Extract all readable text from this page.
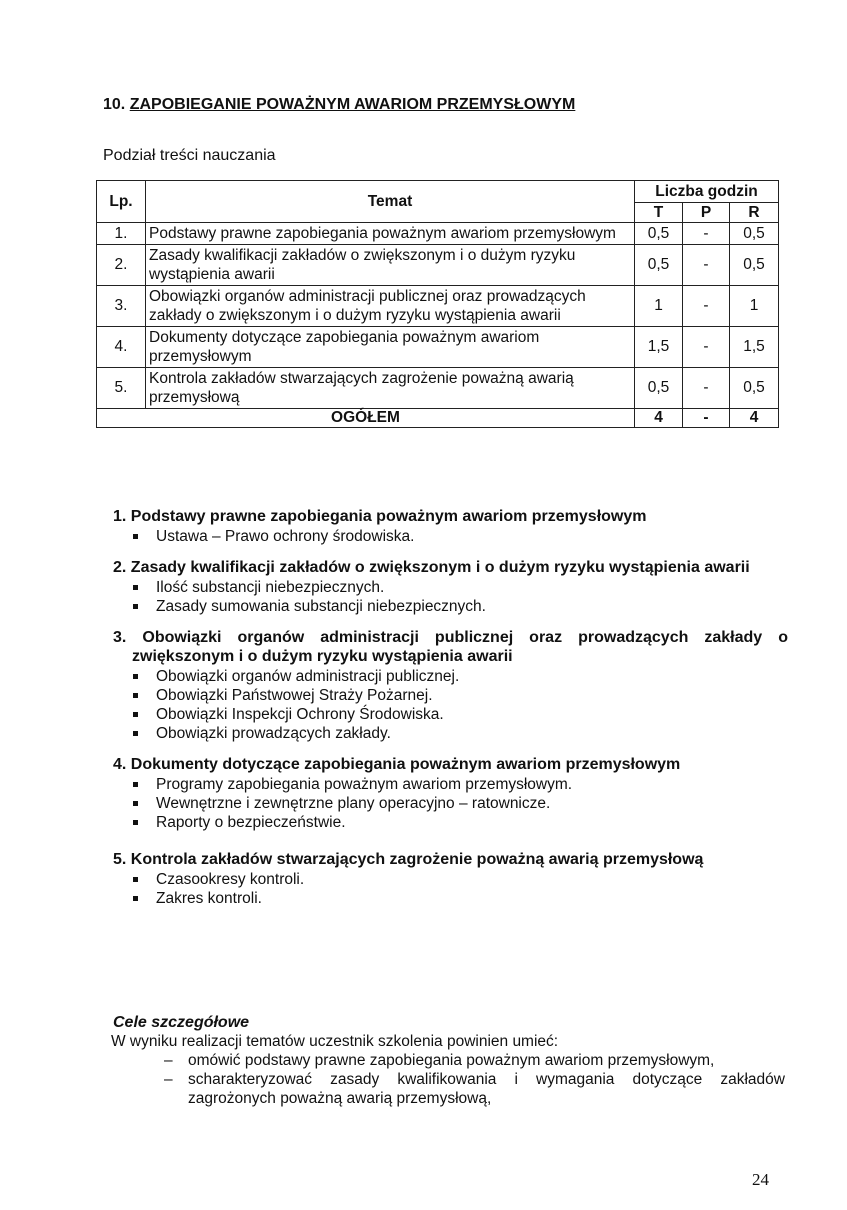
10. ZAPOBIEGANIE POWAŻNYM AWARIOM PRZEMYSŁOWYM
Podział treści nauczania
Lp.	Temat	Liczba godzin		
		T	P	R
1.	Podstawy prawne zapobiegania poważnym awariom przemysłowym	0,5	-	0,5
2.	Zasady kwalifikacji zakładów o zwiększonym i o dużym ryzyku wystąpienia awarii	0,5	-	0,5
3.	Obowiązki organów administracji publicznej oraz prowadzących zakłady o zwiększonym i o dużym ryzyku wystąpienia awarii	1	-	1
4.	Dokumenty dotyczące zapobiegania poważnym awariom przemysłowym	1,5	-	1,5
5.	Kontrola zakładów stwarzających zagrożenie poważną awarią przemysłową	0,5	-	0,5
OGÓŁEM		4	-	4
1. Podstawy prawne zapobiegania poważnym awariom przemysłowym
Ustawa – Prawo ochrony środowiska.
2. Zasady kwalifikacji zakładów o zwiększonym i o dużym ryzyku wystąpienia awarii
Ilość substancji niebezpiecznych.
Zasady sumowania substancji niebezpiecznych.
3. Obowiązki organów administracji publicznej oraz prowadzących zakłady o zwiększonym i o dużym ryzyku wystąpienia awarii
Obowiązki organów administracji publicznej.
Obowiązki Państwowej Straży Pożarnej.
Obowiązki Inspekcji Ochrony Środowiska.
Obowiązki prowadzących zakłady.
4. Dokumenty dotyczące zapobiegania poważnym awariom przemysłowym
Programy zapobiegania poważnym awariom przemysłowym.
Wewnętrzne i zewnętrzne plany operacyjno – ratownicze.
Raporty o bezpieczeństwie.
5. Kontrola zakładów stwarzających zagrożenie poważną awarią przemysłową
Czasookresy kontroli.
Zakres kontroli.
Cele szczegółowe
W wyniku realizacji tematów uczestnik szkolenia powinien umieć:
– omówić podstawy prawne zapobiegania poważnym awariom przemysłowym,
– scharakteryzować zasady kwalifikowania i wymagania dotyczące zakładów zagrożonych poważną awarią przemysłową,
24
